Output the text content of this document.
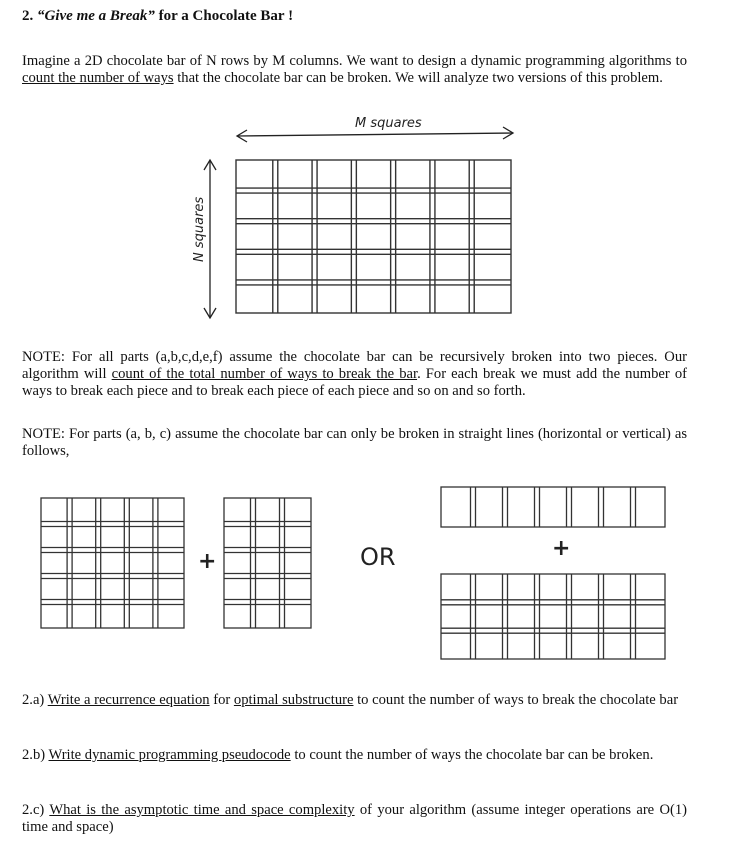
2. “Give me a Break” for a Chocolate Bar !

Imagine a 2D chocolate bar of N rows by M columns. We want to design a dynamic programming algorithms to count the number of ways that the chocolate bar can be broken. We will analyze two versions of this problem.

M squares
N squares

NOTE: For all parts (a,b,c,d,e,f) assume the chocolate bar can be recursively broken into two pieces. Our algorithm will count of the total number of ways to break the bar. For each break we must add the number of ways to break each piece and to break each piece of each piece and so on and so forth.

NOTE: For parts (a, b, c) assume the chocolate bar can only be broken in straight lines (horizontal or vertical) as follows,

+	OR	+

2.a) Write a recurrence equation for optimal substructure to count the number of ways to break the chocolate bar

2.b) Write dynamic programming pseudocode to count the number of ways the chocolate bar can be broken.

2.c) What is the asymptotic time and space complexity of your algorithm (assume integer operations are O(1) time and space)
